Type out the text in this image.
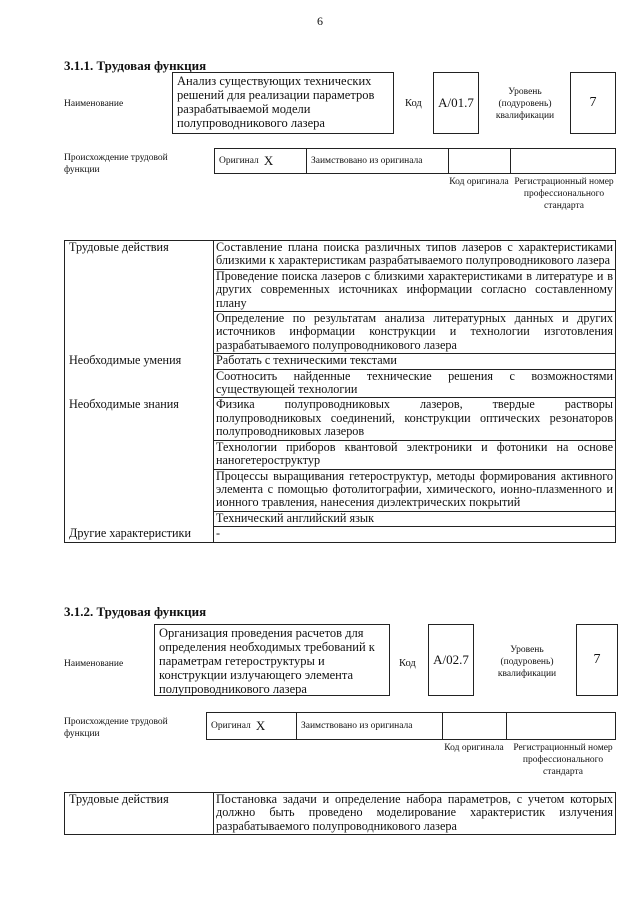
6
3.1.1. Трудовая функция
Наименование
Анализ существующих технических решений для реализации параметров разрабатываемой модели полупроводникового лазера
Код А/01.7
Уровень (подуровень) квалификации
7
Происхождение трудовой функции
Оригинал X	Заимствовано из оригинала
Код оригинала Регистрационный номер профессионального стандарта
Трудовые действия	Составление плана поиска различных типов лазеров с характеристиками близкими к характеристикам разрабатываемого полупроводникового лазера
	Проведение поиска лазеров с близкими характеристиками в литературе и в других современных источниках информации согласно составленному плану
	Определение по результатам анализа литературных данных и других источников информации конструкции и технологии изготовления разрабатываемого полупроводникового лазера
Необходимые умения	Работать с техническими текстами
	Соотносить найденные технические решения с возможностями существующей технологии
Необходимые знания	Физика полупроводниковых лазеров, твердые растворы полупроводниковых соединений, конструкции оптических резонаторов полупроводниковых лазеров
	Технологии приборов квантовой электроники и фотоники на основе наногетероструктур
	Процессы выращивания гетероструктур, методы формирования активного элемента с помощью фотолитографии, химического, ионно-плазменного и ионного травления, нанесения диэлектрических покрытий
	Технический английский язык
Другие характеристики	-
3.1.2. Трудовая функция
Наименование
Организация проведения расчетов для определения необходимых требований к параметрам гетероструктуры и конструкции излучающего элемента полупроводникового лазера
Код А/02.7
Уровень (подуровень) квалификации
7
Происхождение трудовой функции
Оригинал X	Заимствовано из оригинала
Код оригинала	Регистрационный номер профессионального стандарта
Трудовые действия	Постановка задачи и определение набора параметров, с учетом которых должно быть проведено моделирование характеристик излучения разрабатываемого полупроводникового лазера
